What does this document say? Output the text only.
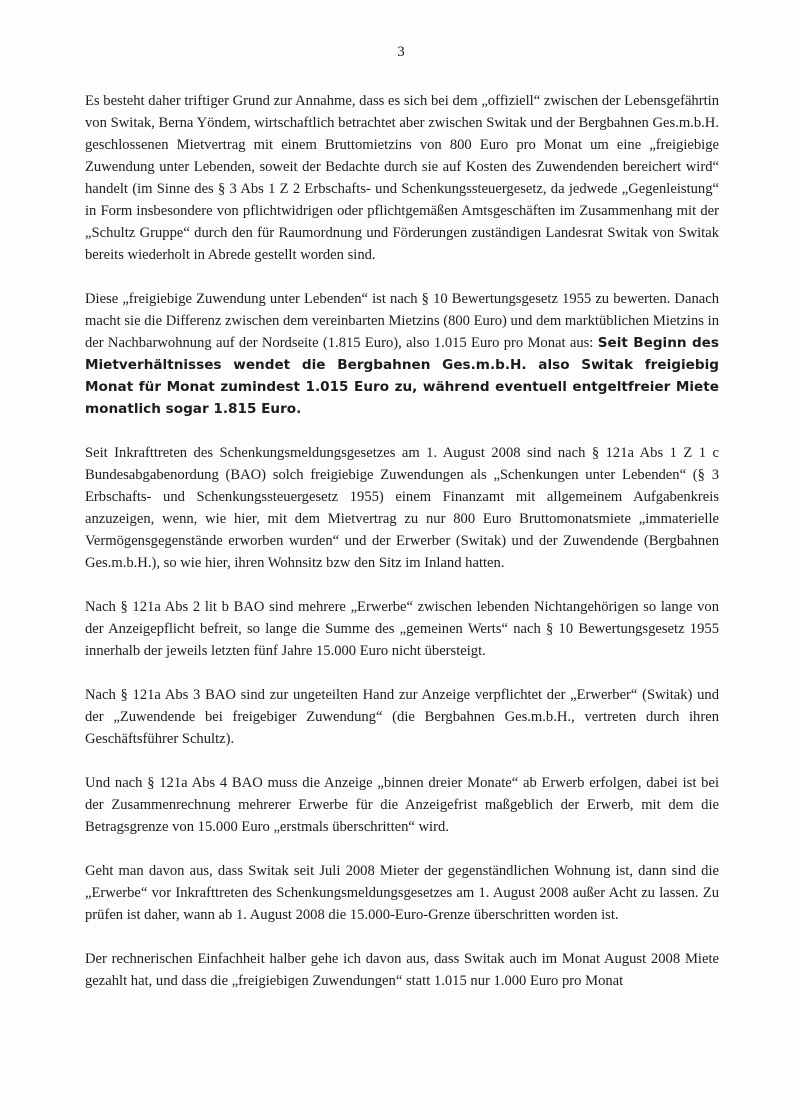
3

Es besteht daher triftiger Grund zur Annahme, dass es sich bei dem „offiziell“ zwischen der Lebensgefährtin von Switak, Berna Yöndem, wirtschaftlich betrachtet aber zwischen Switak und der Bergbahnen Ges.m.b.H. geschlossenen Mietvertrag mit einem Bruttomietzins von 800 Euro pro Monat um eine „freigiebige Zuwendung unter Lebenden, soweit der Bedachte durch sie auf Kosten des Zuwendenden bereichert wird“ handelt (im Sinne des § 3 Abs 1 Z 2 Erbschafts- und Schenkungssteuergesetz, da jedwede „Gegenleistung“ in Form insbesondere von pflichtwidrigen oder pflichtgemäßen Amtsgeschäften im Zusammenhang mit der „Schultz Gruppe“ durch den für Raumordnung und Förderungen zuständigen Landesrat Switak von Switak bereits wiederholt in Abrede gestellt worden sind.

Diese „freigiebige Zuwendung unter Lebenden“ ist nach § 10 Bewertungsgesetz 1955 zu bewerten. Danach macht sie die Differenz zwischen dem vereinbarten Mietzins (800 Euro) und dem marktüblichen Mietzins in der Nachbarwohnung auf der Nordseite (1.815 Euro), also 1.015 Euro pro Monat aus: Seit Beginn des Mietverhältnisses wendet die Bergbahnen Ges.m.b.H. also Switak freigiebig Monat für Monat zumindest 1.015 Euro zu, während eventuell entgeltfreier Miete monatlich sogar 1.815 Euro.

Seit Inkrafttreten des Schenkungsmeldungsgesetzes am 1. August 2008 sind nach § 121a Abs 1 Z 1 c Bundesabgabenordung (BAO) solch freigiebige Zuwendungen als „Schenkungen unter Lebenden“ (§ 3 Erbschafts- und Schenkungssteuergesetz 1955) einem Finanzamt mit allgemeinem Aufgabenkreis anzuzeigen, wenn, wie hier, mit dem Mietvertrag zu nur 800 Euro Bruttomonatsmiete „immaterielle Vermögensgegenstände erworben wurden“ und der Erwerber (Switak) und der Zuwendende (Bergbahnen Ges.m.b.H.), so wie hier, ihren Wohnsitz bzw den Sitz im Inland hatten.

Nach § 121a Abs 2 lit b BAO sind mehrere „Erwerbe“ zwischen lebenden Nichtangehörigen so lange von der Anzeigepflicht befreit, so lange die Summe des „gemeinen Werts“ nach § 10 Bewertungsgesetz 1955 innerhalb der jeweils letzten fünf Jahre 15.000 Euro nicht übersteigt.

Nach § 121a Abs 3 BAO sind zur ungeteilten Hand zur Anzeige verpflichtet der „Erwerber“ (Switak) und der „Zuwendende bei freigebiger Zuwendung“ (die Bergbahnen Ges.m.b.H., vertreten durch ihren Geschäftsführer Schultz).

Und nach § 121a Abs 4 BAO muss die Anzeige „binnen dreier Monate“ ab Erwerb erfolgen, dabei ist bei der Zusammenrechnung mehrerer Erwerbe für die Anzeigefrist maßgeblich der Erwerb, mit dem die Betragsgrenze von 15.000 Euro „erstmals überschritten“ wird.

Geht man davon aus, dass Switak seit Juli 2008 Mieter der gegenständlichen Wohnung ist, dann sind die „Erwerbe“ vor Inkrafttreten des Schenkungsmeldungsgesetzes am 1. August 2008 außer Acht zu lassen. Zu prüfen ist daher, wann ab 1. August 2008 die 15.000-Euro-Grenze überschritten worden ist.

Der rechnerischen Einfachheit halber gehe ich davon aus, dass Switak auch im Monat August 2008 Miete gezahlt hat, und dass die „freigiebigen Zuwendungen“ statt 1.015 nur 1.000 Euro pro Monat
